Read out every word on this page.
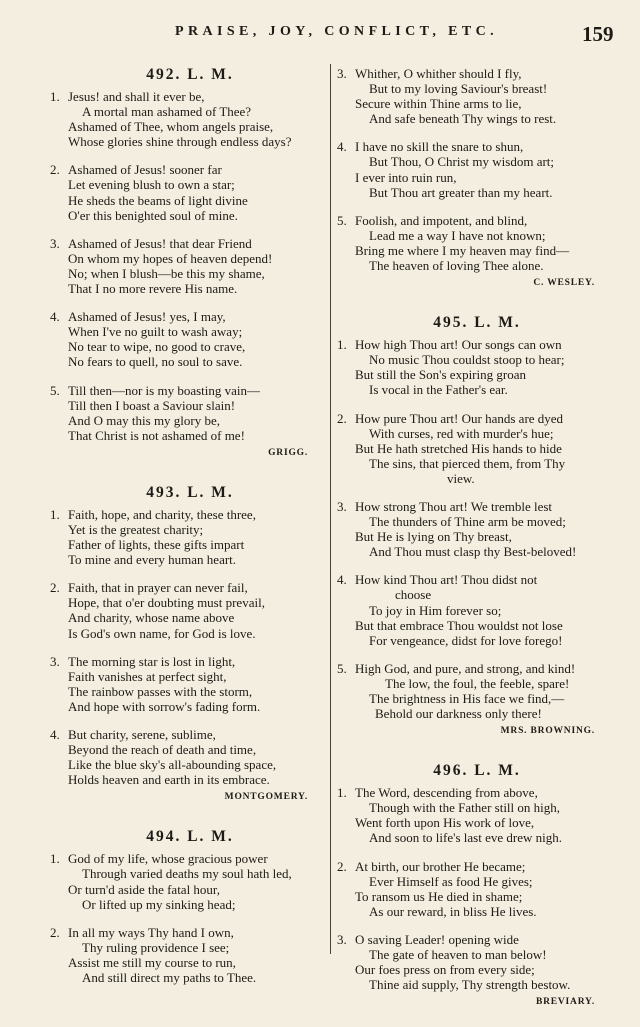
PRAISE, JOY, CONFLICT, ETC.	159
492. L. M.
1. Jesus! and shall it ever be,
A mortal man ashamed of Thee?
Ashamed of Thee, whom angels praise,
Whose glories shine through endless days?
2. Ashamed of Jesus! sooner far
Let evening blush to own a star;
He sheds the beams of light divine
O'er this benighted soul of mine.
3. Ashamed of Jesus! that dear Friend
On whom my hopes of heaven depend!
No; when I blush—be this my shame,
That I no more revere His name.
4. Ashamed of Jesus! yes, I may,
When I've no guilt to wash away;
No tear to wipe, no good to crave,
No fears to quell, no soul to save.
5. Till then—nor is my boasting vain—
Till then I boast a Saviour slain!
And O may this my glory be,
That Christ is not ashamed of me!
GRIGG.
493. L. M.
1. Faith, hope, and charity, these three,
Yet is the greatest charity;
Father of lights, these gifts impart
To mine and every human heart.
2. Faith, that in prayer can never fail,
Hope, that o'er doubting must prevail,
And charity, whose name above
Is God's own name, for God is love.
3. The morning star is lost in light,
Faith vanishes at perfect sight,
The rainbow passes with the storm,
And hope with sorrow's fading form.
4. But charity, serene, sublime,
Beyond the reach of death and time,
Like the blue sky's all-abounding space,
Holds heaven and earth in its embrace.
MONTGOMERY.
494. L. M.
1. God of my life, whose gracious power
Through varied deaths my soul hath led,
Or turn'd aside the fatal hour,
Or lifted up my sinking head;
2. In all my ways Thy hand I own,
Thy ruling providence I see;
Assist me still my course to run,
And still direct my paths to Thee.
3. Whither, O whither should I fly,
But to my loving Saviour's breast!
Secure within Thine arms to lie,
And safe beneath Thy wings to rest.
4. I have no skill the snare to shun,
But Thou, O Christ my wisdom art;
I ever into ruin run,
But Thou art greater than my heart.
5. Foolish, and impotent, and blind,
Lead me a way I have not known;
Bring me where I my heaven may find—
The heaven of loving Thee alone.
C. WESLEY.
495. L. M.
1. How high Thou art! Our songs can own
No music Thou couldst stoop to hear;
But still the Son's expiring groan
Is vocal in the Father's ear.
2. How pure Thou art! Our hands are dyed
With curses, red with murder's hue;
But He hath stretched His hands to hide
The sins, that pierced them, from Thy
view.
3. How strong Thou art! We tremble lest
The thunders of Thine arm be moved;
But He is lying on Thy breast,
And Thou must clasp thy Best-beloved!
4. How kind Thou art! Thou didst not
choose
To joy in Him forever so;
But that embrace Thou wouldst not lose
For vengeance, didst for love forego!
5. High God, and pure, and strong, and kind!
The low, the foul, the feeble, spare!
The brightness in His face we find,—
Behold our darkness only there!
MRS. BROWNING.
496. L. M.
1. The Word, descending from above,
Though with the Father still on high,
Went forth upon His work of love,
And soon to life's last eve drew nigh.
2. At birth, our brother He became;
Ever Himself as food He gives;
To ransom us He died in shame;
As our reward, in bliss He lives.
3. O saving Leader! opening wide
The gate of heaven to man below!
Our foes press on from every side;
Thine aid supply, Thy strength bestow.
BREVIARY.
